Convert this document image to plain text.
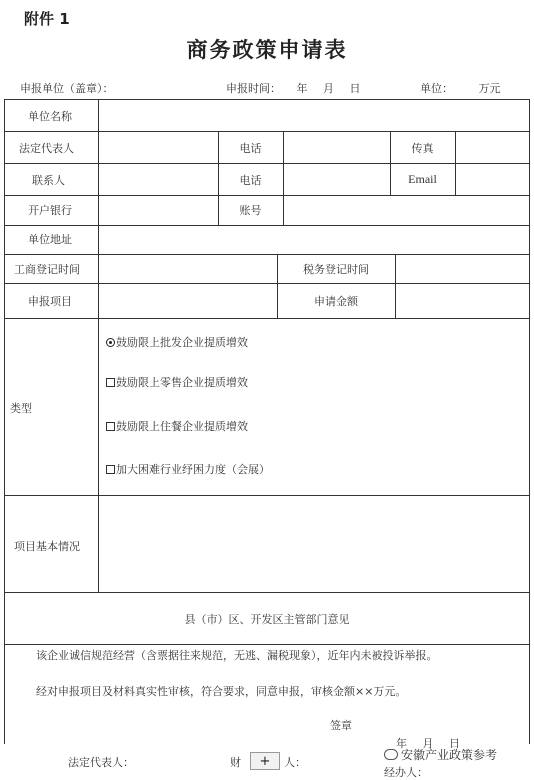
附件 1
商务政策申请表
申报单位（盖章）：	申报时间： 年 月 日	单位： 万元
单位名称
法定代表人	电话	传真
联系人	电话	Email
开户银行	账号
单位地址
工商登记时间	税务登记时间
申报项目	申请金额
类型
鼓励限上批发企业提质增效
鼓励限上零售企业提质增效
鼓励限上住餐企业提质增效
加大困难行业纾困力度（会展）
项目基本情况
县（市）区、开发区主管部门意见
该企业诚信规范经营（含票据往来规范，无逃、漏税现象），近年内未被投诉举报。
经对申报项目及材料真实性审核，符合要求，同意申报，审核金额××万元。
签章
年 月 日
法定代表人：	财	人：
经办人：
+	安徽产业政策参考
